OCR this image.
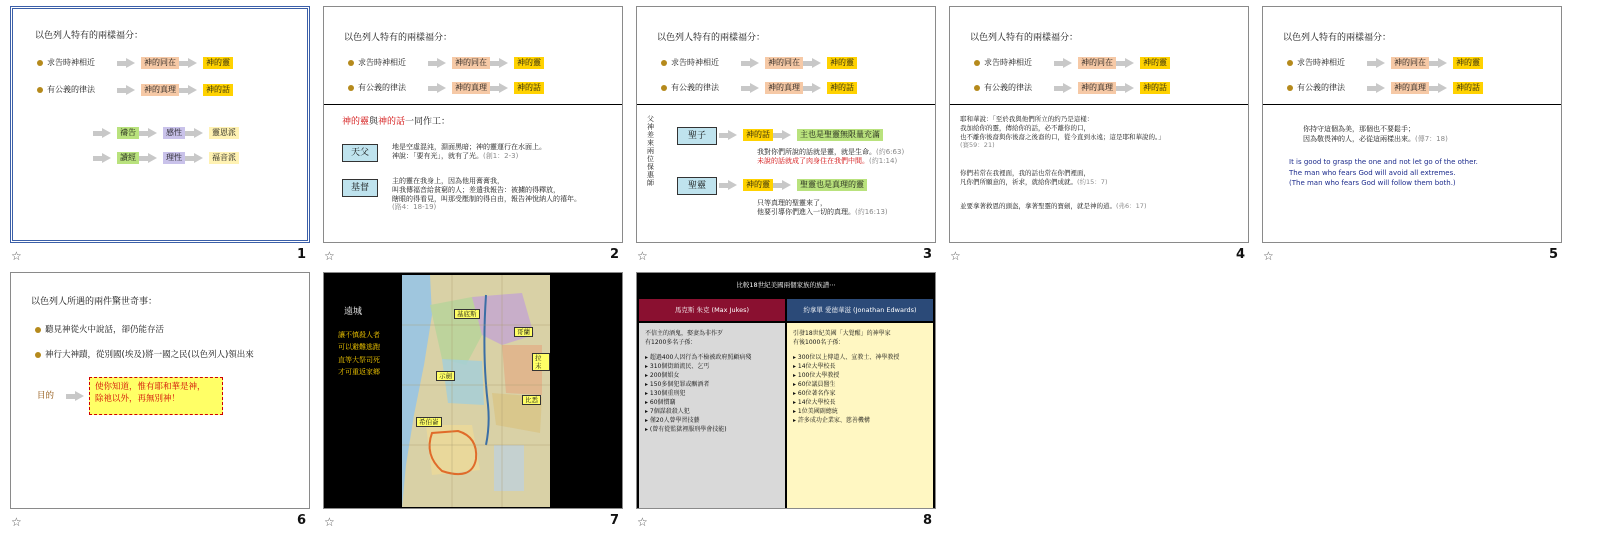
以色列人特有的兩樣福分：
求告時神相近	神的同在	神的靈
有公義的律法	神的真理	神的話
禱告	感性	靈恩派
讀經	理性	福音派
☆	1
以色列人特有的兩樣福分：
求告時神相近	神的同在	神的靈
有公義的律法	神的真理	神的話
神的靈與神的話一同作工：
天父
地是空虛混沌，淵面黑暗；神的靈運行在水面上。
神說：「要有光」，就有了光。(創1：2-3)
基督
主的靈在我身上，因為他用膏膏我，
叫我傳福音給貧窮的人；差遣我報告：被擄的得釋放，
瞎眼的得看見，叫那受壓制的得自由，報告神悅納人的禧年。
(路4：18-19)
☆	2
以色列人特有的兩樣福分：
求告時神相近	神的同在	神的靈
有公義的律法	神的真理	神的話
父神差來兩位保惠師
聖子	神的話	主也是聖靈無限量充滿
我對你們所說的話就是靈，就是生命。(約6:63)
未說的話就成了肉身住在我們中間。(約1:14)
聖靈	神的靈	聖靈也是真理的靈
只等真理的聖靈來了，
他要引導你們進入一切的真理。(約16:13)
☆	3
以色列人特有的兩樣福分：
求告時神相近	神的同在	神的靈
有公義的律法	神的真理	神的話
耶和華說：「至於我與他們所立的約乃是這樣：
我加給你的靈，傳給你的話，必不離你的口，
也不離你後裔與你後裔之後裔的口，從今直到永遠；這是耶和華說的。」
(賽59：21)
你們若常在我裡面，我的話也常在你們裡面，
凡你們所願意的，祈求，就給你們成就。(約15：7)
並要拿著救恩的頭盔，拿著聖靈的寶劍，就是神的道。(弗6：17)
☆	4
以色列人特有的兩樣福分：
求告時神相近	神的同在	神的靈
有公義的律法	神的真理	神的話
你持守這個為美，那個也不要鬆手；
因為敬畏神的人，必從這兩樣出來。(傳7：18)
It is good to grasp the one and not let go of the other.
The man who fears God will avoid all extremes.
(The man who fears God will follow them both.)
☆	5
以色列人所遇的兩件驚世奇事：
聽見神從火中說話，卻仍能存活
神行大神蹟，從別國(埃及)將一國之民(以色列人)領出來
目的
使你知道，惟有耶和華是神，
除祂以外，再無別神！
☆	6
遠城
讓不慎殺人者
可以避難逃跑
直等大祭司死
才可重返家鄉
基底斯
哥蘭
拉末
示劍
比悉
希伯崙
☆	7
比較18世紀美國兩個家族的族譜⋯
馬克斯 朱克 (Max Jukes)	約拿單 愛德華滋 (Jonathan Edwards)
不信主的酒鬼，娶妻為非作歹
有1200多名子孫：
▸ 超過400人因行為不檢被政府照顧病殘
▸ 310個街頭流民、乞丐
▸ 200個娼女
▸ 150多個犯罪或酗酒者
▸ 130個重刑犯
▸ 60個慣竊
▸ 7個謀殺殺人犯
▸ 僅20人曾學習技藝
▸ (曾有從監獄裡服刑學會技能)
引發18世紀美國「大覺醒」的神學家
有後1000名子孫：
▸ 300位以上傳道人、宣教士、神學教授
▸ 14位大學校長
▸ 100位大學教授
▸ 60位議員醫生
▸ 60位著名作家
▸ 14位大學校長
▸ 1位美國副總統
▸ 許多成功企業家、慈善機構
☆	8
